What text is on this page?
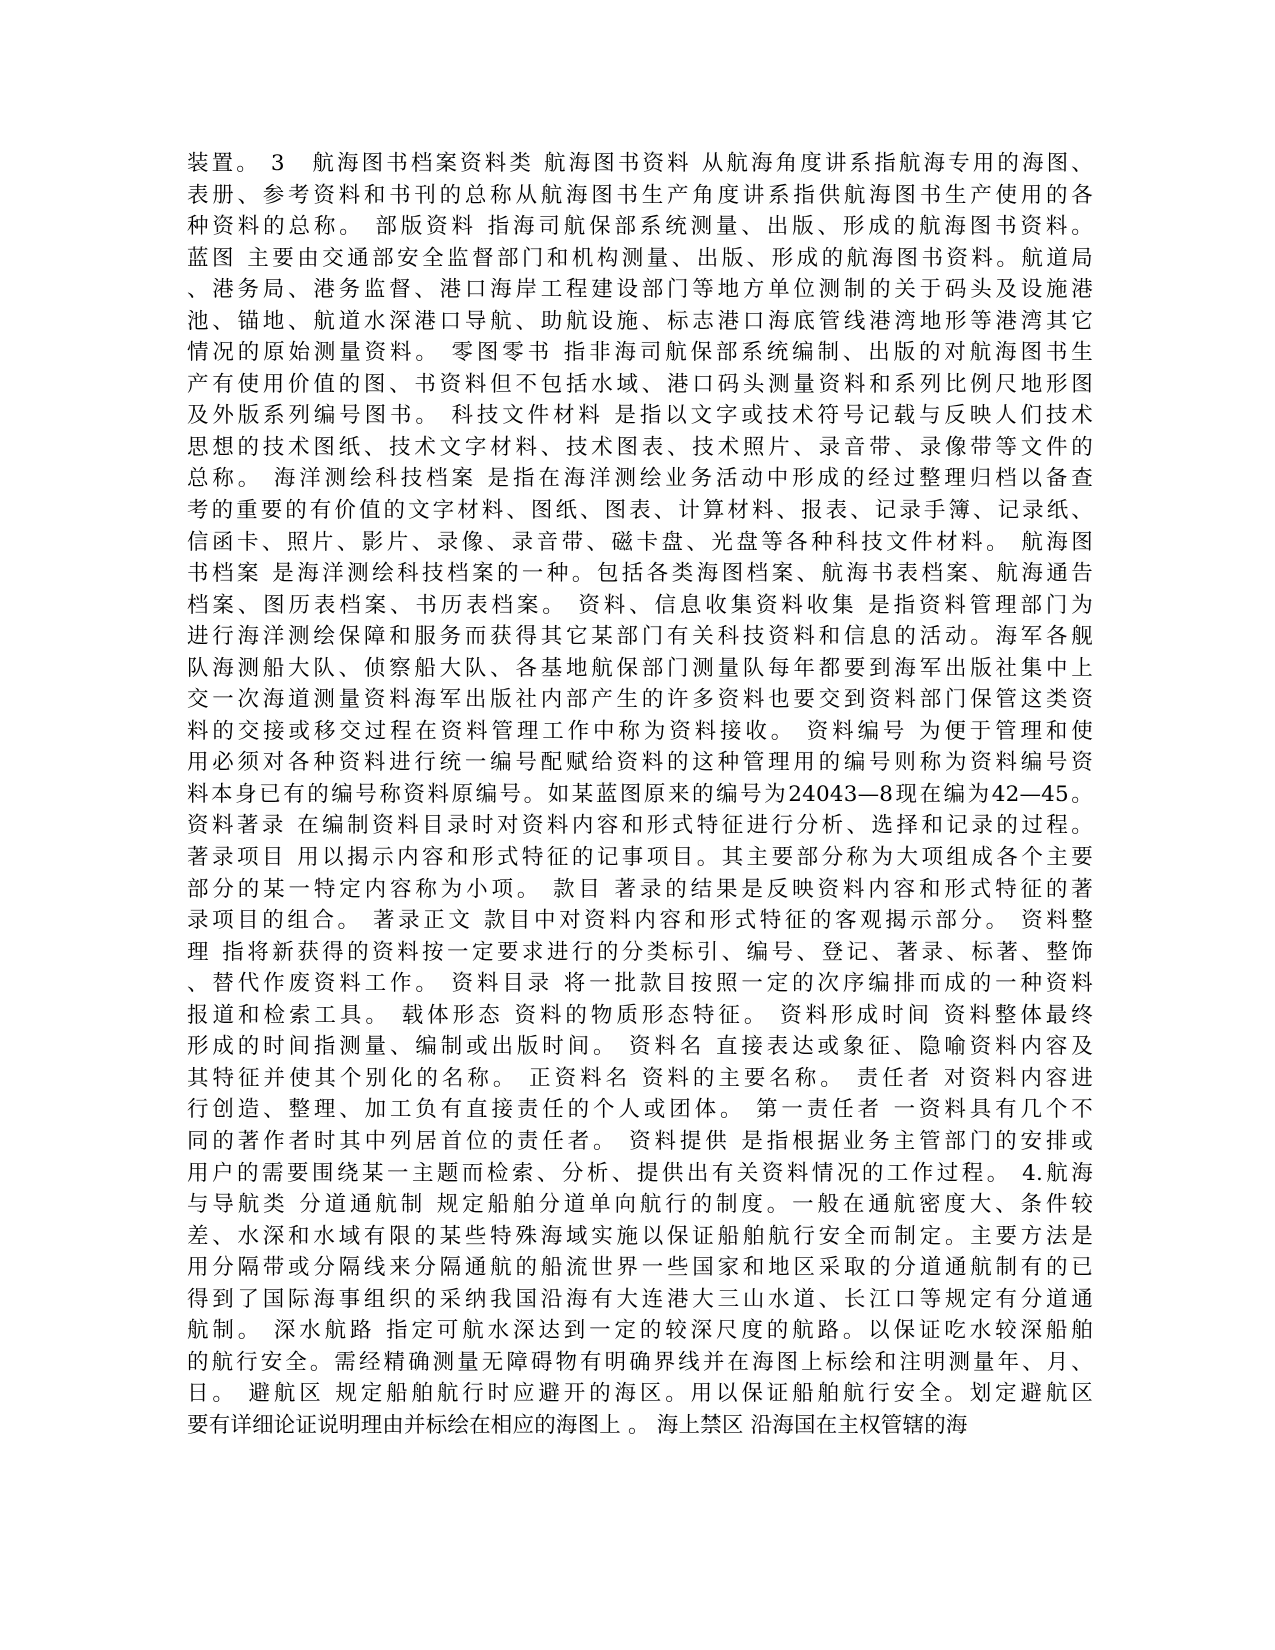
装置。 3　航海图书档案资料类 航海图书资料 从航海角度讲系指航海专用的海图、
表册、参考资料和书刊的总称从航海图书生产角度讲系指供航海图书生产使用的各
种资料的总称。 部版资料 指海司航保部系统测量、出版、形成的航海图书资料。
蓝图 主要由交通部安全监督部门和机构测量、出版、形成的航海图书资料。航道局
、港务局、港务监督、港口海岸工程建设部门等地方单位测制的关于码头及设施港
池、锚地、航道水深港口导航、助航设施、标志港口海底管线港湾地形等港湾其它
情况的原始测量资料。 零图零书 指非海司航保部系统编制、出版的对航海图书生
产有使用价值的图、书资料但不包括水域、港口码头测量资料和系列比例尺地形图
及外版系列编号图书。 科技文件材料 是指以文字或技术符号记载与反映人们技术
思想的技术图纸、技术文字材料、技术图表、技术照片、录音带、录像带等文件的
总称。 海洋测绘科技档案 是指在海洋测绘业务活动中形成的经过整理归档以备查
考的重要的有价值的文字材料、图纸、图表、计算材料、报表、记录手簿、记录纸、
信函卡、照片、影片、录像、录音带、磁卡盘、光盘等各种科技文件材料。 航海图
书档案 是海洋测绘科技档案的一种。包括各类海图档案、航海书表档案、航海通告
档案、图历表档案、书历表档案。 资料、信息收集资料收集 是指资料管理部门为
进行海洋测绘保障和服务而获得其它某部门有关科技资料和信息的活动。海军各舰
队海测船大队、侦察船大队、各基地航保部门测量队每年都要到海军出版社集中上
交一次海道测量资料海军出版社内部产生的许多资料也要交到资料部门保管这类资
料的交接或移交过程在资料管理工作中称为资料接收。 资料编号 为便于管理和使
用必须对各种资料进行统一编号配赋给资料的这种管理用的编号则称为资料编号资
料本身已有的编号称资料原编号。如某蓝图原来的编号为24043—8现在编为42—45。
资料著录 在编制资料目录时对资料内容和形式特征进行分析、选择和记录的过程。
著录项目 用以揭示内容和形式特征的记事项目。其主要部分称为大项组成各个主要
部分的某一特定内容称为小项。 款目 著录的结果是反映资料内容和形式特征的著
录项目的组合。 著录正文 款目中对资料内容和形式特征的客观揭示部分。 资料整
理 指将新获得的资料按一定要求进行的分类标引、编号、登记、著录、标著、整饰
、替代作废资料工作。 资料目录 将一批款目按照一定的次序编排而成的一种资料
报道和检索工具。 载体形态 资料的物质形态特征。 资料形成时间 资料整体最终
形成的时间指测量、编制或出版时间。 资料名 直接表达或象征、隐喻资料内容及
其特征并使其个别化的名称。 正资料名 资料的主要名称。 责任者 对资料内容进
行创造、整理、加工负有直接责任的个人或团体。 第一责任者 一资料具有几个不
同的著作者时其中列居首位的责任者。 资料提供 是指根据业务主管部门的安排或
用户的需要围绕某一主题而检索、分析、提供出有关资料情况的工作过程。 4.航海
与导航类 分道通航制 规定船舶分道单向航行的制度。一般在通航密度大、条件较
差、水深和水域有限的某些特殊海域实施以保证船舶航行安全而制定。主要方法是
用分隔带或分隔线来分隔通航的船流世界一些国家和地区采取的分道通航制有的已
得到了国际海事组织的采纳我国沿海有大连港大三山水道、长江口等规定有分道通
航制。 深水航路 指定可航水深达到一定的较深尺度的航路。以保证吃水较深船舶
的航行安全。需经精确测量无障碍物有明确界线并在海图上标绘和注明测量年、月、
日。 避航区 规定船舶航行时应避开的海区。用以保证船舶航行安全。划定避航区
要有详细论证说明理由并标绘在相应的海图上 。 海上禁区 沿海国在主权管辖的海
